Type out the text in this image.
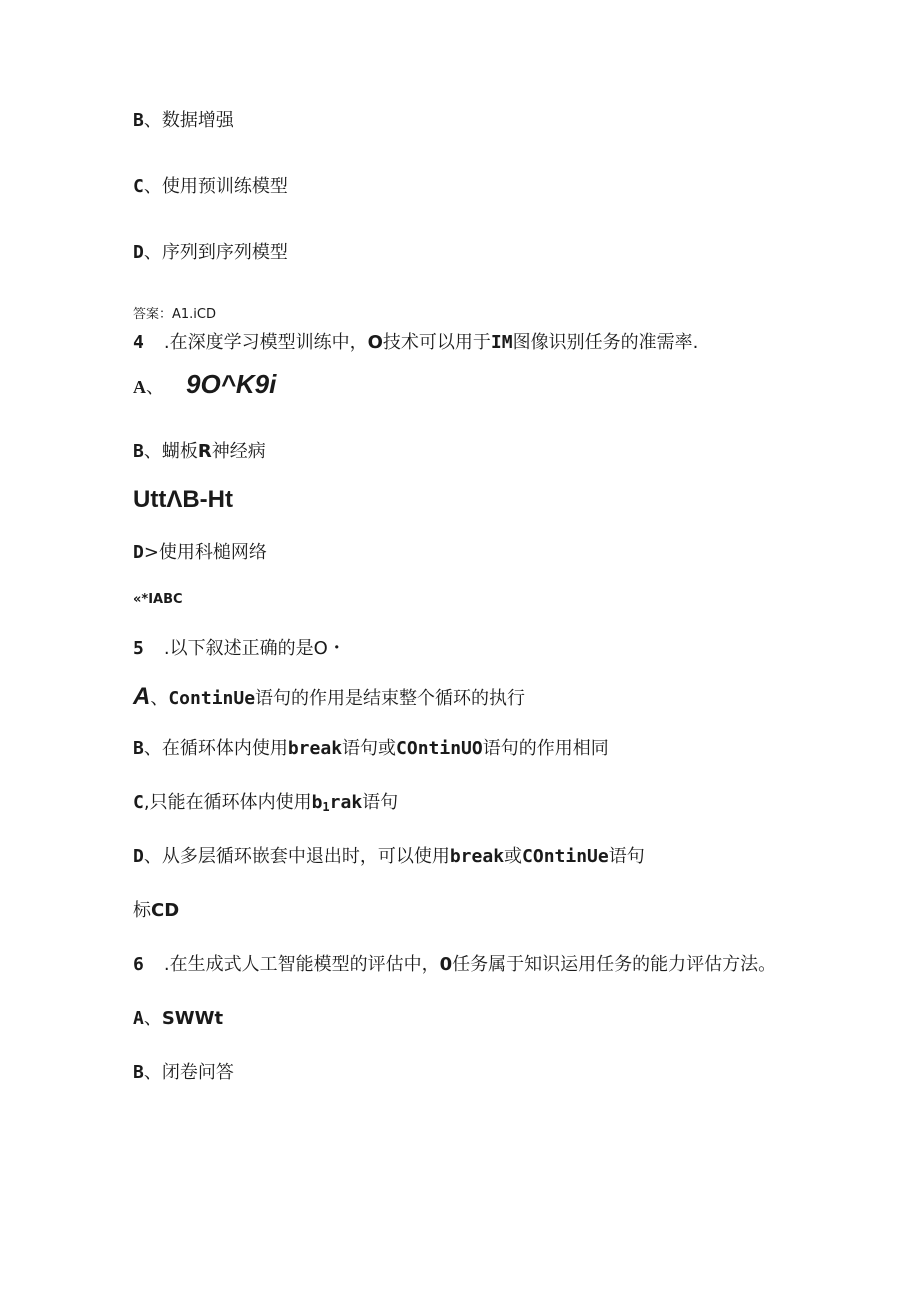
B、数据增强
C、使用预训练模型
D、序列到序列模型
答案：A1.iCD
4 .在深度学习模型训练中，O技术可以用于IM图像识别任务的准需率.
A、 9O^K9i
B、蝴板R神经病
UttΛB-Ht
D>使用科槌网络
«*IABC
5 .以下叙述正确的是O・
A、ContinUe语句的作用是结束整个循环的执行
B、在循环体内使用break语句或COntinUO语句的作用相同
C,只能在循环体内使用$b_1rak$语句
D、从多层循环嵌套中退出时，可以使用break或COntinUe语句
标CD
6 .在生成式人工智能模型的评估中，0任务属于知识运用任务的能力评估方法。
A、SWWt
B、闭卷问答
